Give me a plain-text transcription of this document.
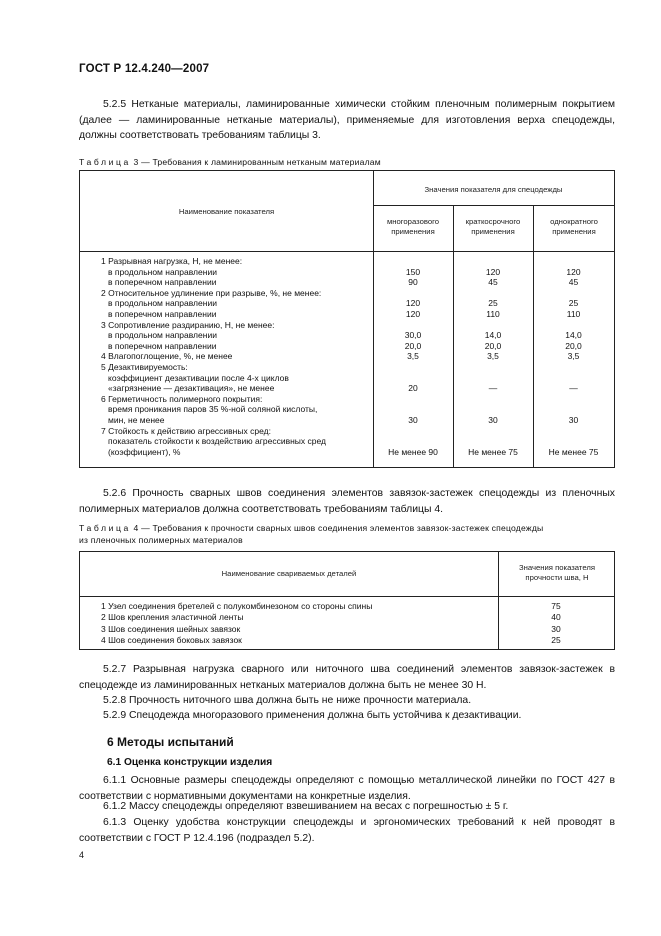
ГОСТ Р 12.4.240—2007
5.2.5 Нетканые материалы, ламинированные химически стойким пленочным полимерным покрытием (далее — ламинированные нетканые материалы), применяемые для изготовления верха спецодежды, должны соответствовать требованиям таблицы 3.
Таблица 3 — Требования к ламинированным нетканым материалам
Наименование показателя
Значения показателя для спецодежды
многоразового применения
краткосрочного применения
однократного применения
1 Разрывная нагрузка, Н, не менее:
в продольном направлении	150	120	120
в поперечном направлении	90	45	45
2 Относительное удлинение при разрыве, %, не менее:
в продольном направлении	120	25	25
в поперечном направлении	120	110	110
3 Сопротивление раздиранию, Н, не менее:
в продольном направлении	30,0	14,0	14,0
в поперечном направлении	20,0	20,0	20,0
4 Влагопоглощение, %, не менее	3,5	3,5	3,5
5 Дезактивируемость:
коэффициент дезактивации после 4-х циклов
«загрязнение — дезактивация», не менее	20	—	—
6 Герметичность полимерного покрытия:
время проникания паров 35 %-ной соляной кислоты,
мин, не менее	30	30	30
7 Стойкость к действию агрессивных сред:
показатель стойкости к воздействию агрессивных сред
(коэффициент), %	Не менее 90	Не менее 75	Не менее 75
5.2.6 Прочность сварных швов соединения элементов завязок-застежек спецодежды из пленочных полимерных материалов должна соответствовать требованиям таблицы 4.
Таблица 4 — Требования к прочности сварных швов соединения элементов завязок-застежек спецодежды
из пленочных полимерных материалов
Наименование свариваемых деталей
Значения показателя прочности шва, Н
1 Узел соединения бретелей с полукомбинезоном со стороны спины	75
2 Шов крепления эластичной ленты	40
3 Шов соединения шейных завязок	30
4 Шов соединения боковых завязок	25
5.2.7 Разрывная нагрузка сварного или ниточного шва соединений элементов завязок-застежек в спецодежде из ламинированных нетканых материалов должна быть не менее 30 Н.
5.2.8 Прочность ниточного шва должна быть не ниже прочности материала.
5.2.9 Спецодежда многоразового применения должна быть устойчива к дезактивации.
6 Методы испытаний
6.1 Оценка конструкции изделия
6.1.1 Основные размеры спецодежды определяют с помощью металлической линейки по ГОСТ 427 в соответствии с нормативными документами на конкретные изделия.
6.1.2 Массу спецодежды определяют взвешиванием на весах с погрешностью ± 5 г.
6.1.3 Оценку удобства конструкции спецодежды и эргономических требований к ней проводят в соответствии с ГОСТ Р 12.4.196 (подраздел 5.2).
4
